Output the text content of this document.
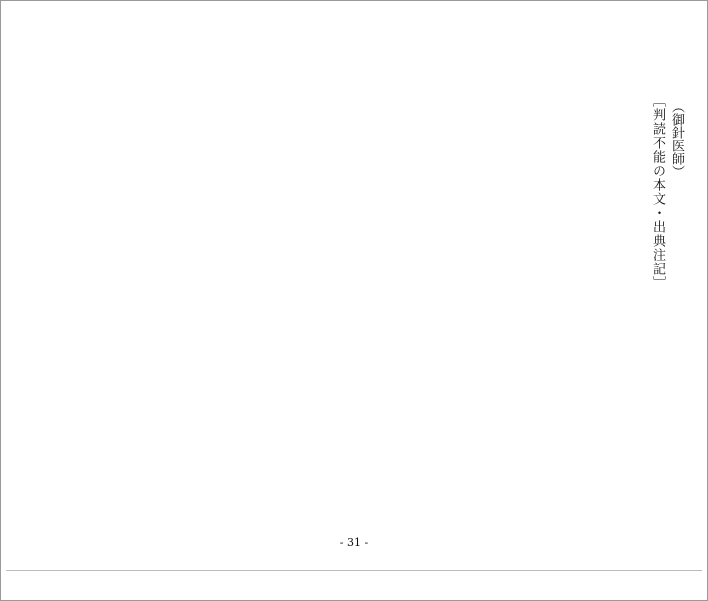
（御針医師）
［判読不能の本文・出典注記］
- 31 -
